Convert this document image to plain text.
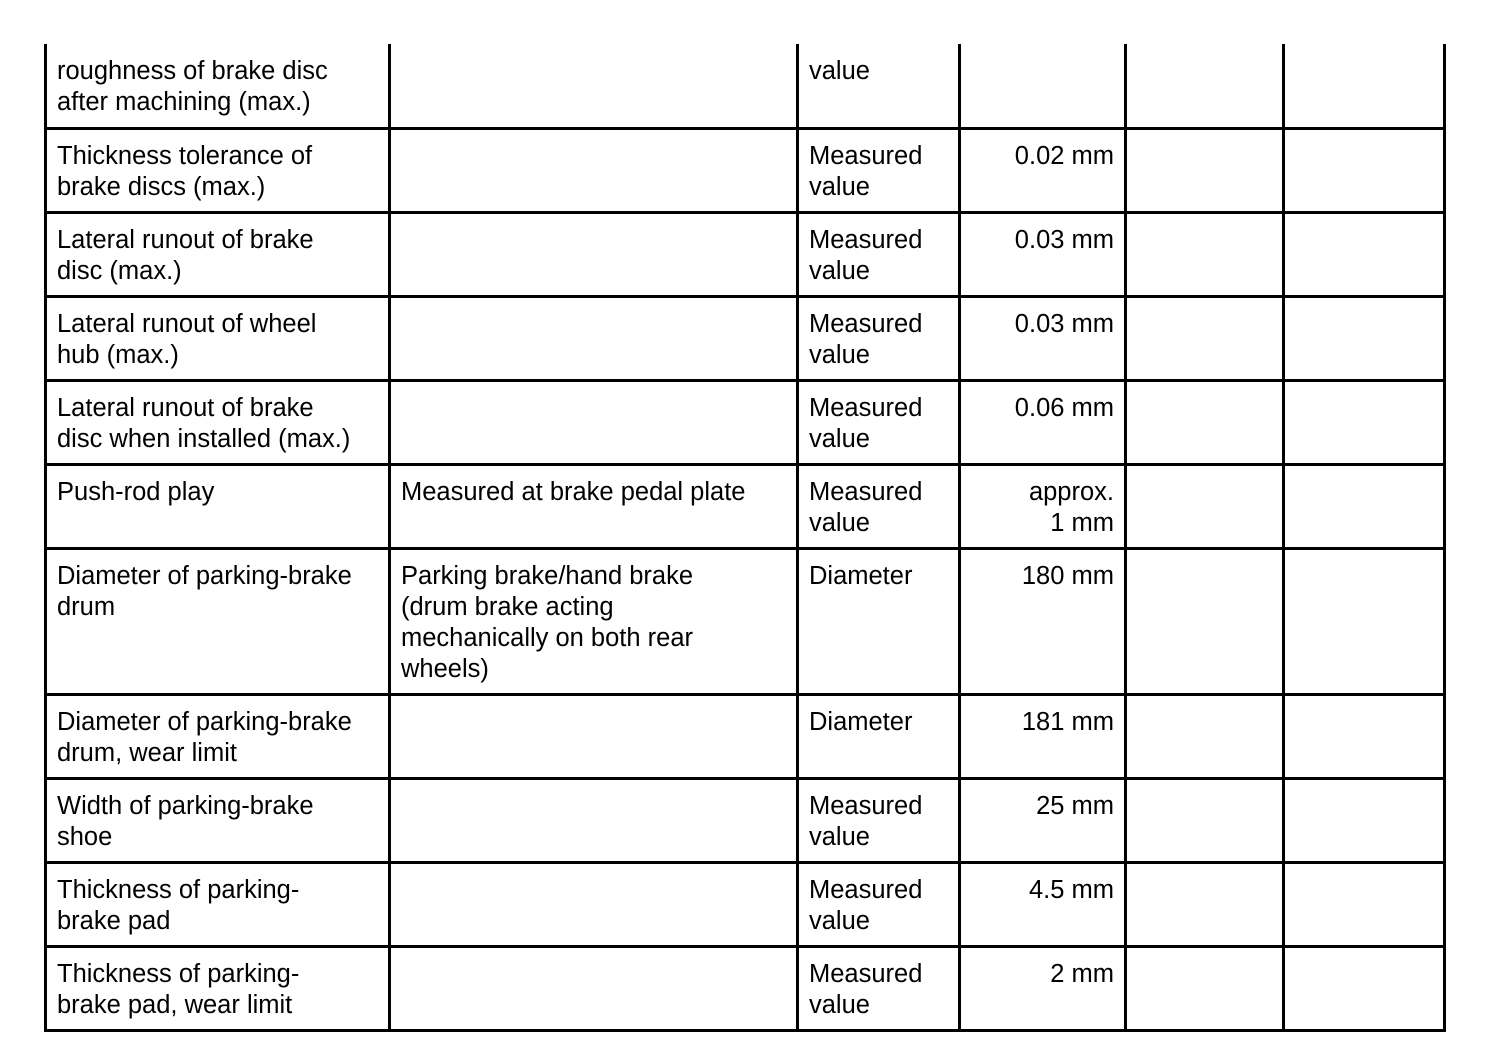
roughness of brake disc
after machining (max.)		value			
Thickness tolerance of
brake discs (max.)		Measured
value	0.02 mm		
Lateral runout of brake
disc (max.)		Measured
value	0.03 mm		
Lateral runout of wheel
hub (max.)		Measured
value	0.03 mm		
Lateral runout of brake
disc when installed (max.)		Measured
value	0.06 mm		
Push-rod play	Measured at brake pedal plate	Measured
value	approx.
1 mm		
Diameter of parking-brake
drum	Parking brake/hand brake
(drum brake acting
mechanically on both rear
wheels)	Diameter	180 mm		
Diameter of parking-brake
drum, wear limit		Diameter	181 mm		
Width of parking-brake
shoe		Measured
value	25 mm		
Thickness of parking-
brake pad		Measured
value	4.5 mm		
Thickness of parking-
brake pad, wear limit		Measured
value	2 mm		
